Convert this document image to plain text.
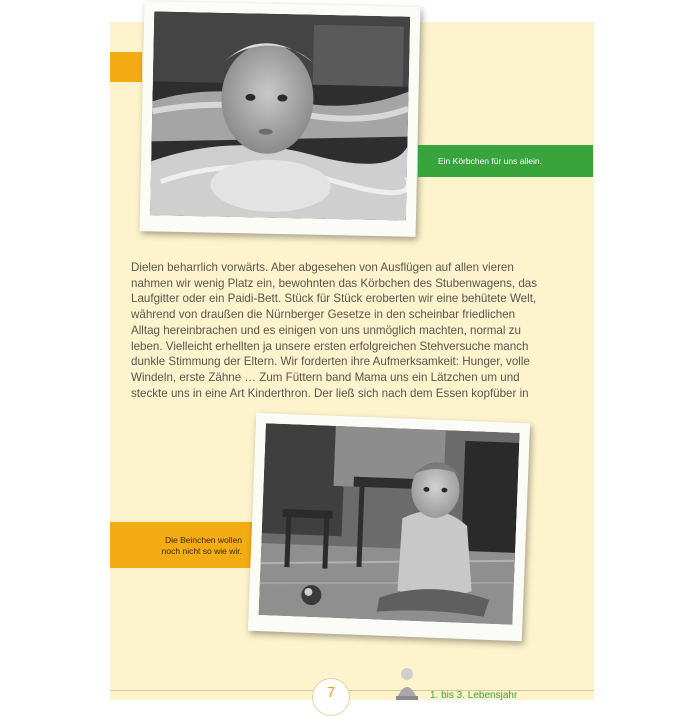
Ein Körbchen für uns allein.

Dielen beharrlich vorwärts. Aber abgesehen von Ausflügen auf allen vieren

nahmen wir wenig Platz ein, bewohnten das Körbchen des Stubenwagens, das

Laufgitter oder ein Paidi-Bett. Stück für Stück eroberten wir eine behütete Welt,

während von draußen die Nürnberger Gesetze in den scheinbar friedlichen

Alltag hereinbrachen und es einigen von uns unmöglich machten, normal zu

leben. Vielleicht erhellten ja unsere ersten erfolgreichen Stehversuche manch

dunkle Stimmung der Eltern. Wir forderten ihre Aufmerksamkeit: Hunger, volle

Windeln, erste Zähne … Zum Füttern band Mama uns ein Lätzchen um und

steckte uns in eine Art Kinderthron. Der ließ sich nach dem Essen kopfüber in

Die Beinchen wollen
noch nicht so wie wir.
7	1. bis 3. Lebensjahr
